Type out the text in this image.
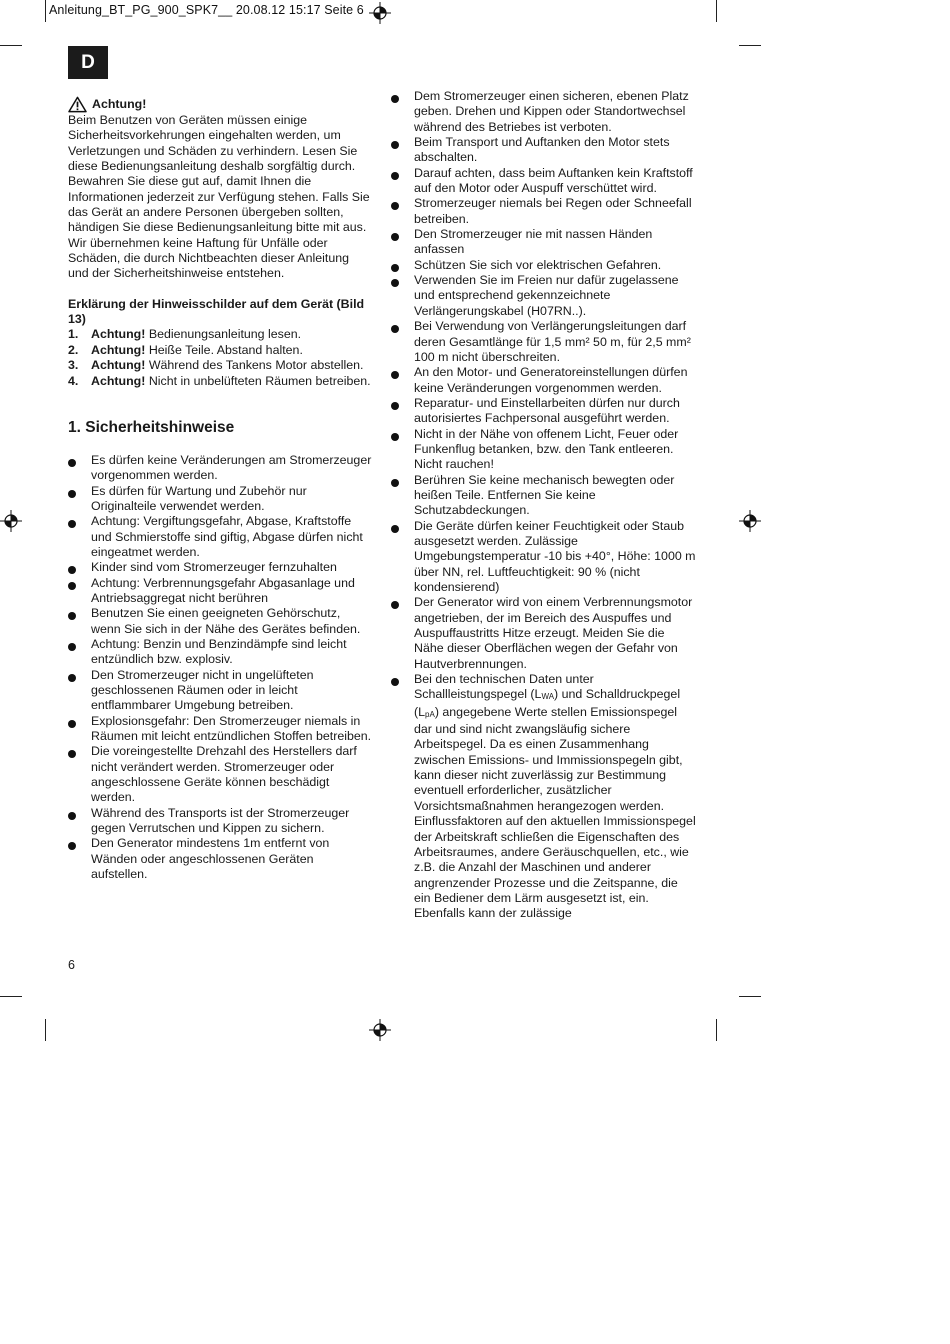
Anleitung_BT_PG_900_SPK7__ 20.08.12 15:17 Seite 6
D
Achtung!

Beim Benutzen von Geräten müssen einige Sicherheitsvorkehrungen eingehalten werden, um Verletzungen und Schäden zu verhindern. Lesen Sie diese Bedienungsanleitung deshalb sorgfältig durch. Bewahren Sie diese gut auf, damit Ihnen die Informationen jederzeit zur Verfügung stehen. Falls Sie das Gerät an andere Personen übergeben sollten, händigen Sie diese Bedienungsanleitung bitte mit aus. Wir übernehmen keine Haftung für Unfälle oder Schäden, die durch Nichtbeachten dieser Anleitung und der Sicherheitshinweise entstehen.

Erklärung der Hinweisschilder auf dem Gerät (Bild 13)

1.	Achtung! Bedienungsanleitung lesen.
2.	Achtung! Heiße Teile. Abstand halten.
3.	Achtung! Während des Tankens Motor abstellen.
4.	Achtung! Nicht in unbelüfteten Räumen betreiben.
1. Sicherheitshinweise
Es dürfen keine Veränderungen am Stromerzeuger vorgenommen werden.
Es dürfen für Wartung und Zubehör nur Originalteile verwendet werden.
Achtung: Vergiftungsgefahr, Abgase, Kraftstoffe und Schmierstoffe sind giftig, Abgase dürfen nicht eingeatmet werden.
Kinder sind vom Stromerzeuger fernzuhalten
Achtung: Verbrennungsgefahr Abgasanlage und Antriebsaggregat nicht berühren
Benutzen Sie einen geeigneten Gehörschutz, wenn Sie sich in der Nähe des Gerätes befinden.
Achtung: Benzin und Benzindämpfe sind leicht entzündlich bzw. explosiv.
Den Stromerzeuger nicht in ungelüfteten geschlossenen Räumen oder in leicht entflammbarer Umgebung betreiben.
Explosionsgefahr: Den Stromerzeuger niemals in Räumen mit leicht entzündlichen Stoffen betreiben.
Die voreingestellte Drehzahl des Herstellers darf nicht verändert werden. Stromerzeuger oder angeschlossene Geräte können beschädigt werden.
Während des Transports ist der Stromerzeuger gegen Verrutschen und Kippen zu sichern.
Den Generator mindestens 1m entfernt von Wänden oder angeschlossenen Geräten aufstellen.
Dem Stromerzeuger einen sicheren, ebenen Platz geben. Drehen und Kippen oder Standortwechsel während des Betriebes ist verboten.
Beim Transport und Auftanken den Motor stets abschalten.
Darauf achten, dass beim Auftanken kein Kraftstoff auf den Motor oder Auspuff verschüttet wird.
Stromerzeuger niemals bei Regen oder Schneefall betreiben.
Den Stromerzeuger nie mit nassen Händen anfassen
Schützen Sie sich vor elektrischen Gefahren.
Verwenden Sie im Freien nur dafür zugelassene und entsprechend gekennzeichnete Verlängerungskabel (H07RN..).
Bei Verwendung von Verlängerungsleitungen darf deren Gesamtlänge für 1,5 mm² 50 m, für 2,5 mm² 100 m nicht überschreiten.
An den Motor- und Generatoreinstellungen dürfen keine Veränderungen vorgenommen werden.
Reparatur- und Einstellarbeiten dürfen nur durch autorisiertes Fachpersonal ausgeführt werden.
Nicht in der Nähe von offenem Licht, Feuer oder Funkenflug betanken, bzw. den Tank entleeren. Nicht rauchen!
Berühren Sie keine mechanisch bewegten oder heißen Teile. Entfernen Sie keine Schutzabdeckungen.
Die Geräte dürfen keiner Feuchtigkeit oder Staub ausgesetzt werden. Zulässige Umgebungstemperatur -10 bis +40°, Höhe: 1000 m über NN, rel. Luftfeuchtigkeit: 90 % (nicht kondensierend)
Der Generator wird von einem Verbrennungsmotor angetrieben, der im Bereich des Auspuffes und Auspuffaustritts Hitze erzeugt. Meiden Sie die Nähe dieser Oberflächen wegen der Gefahr von Hautverbrennungen.
Bei den technischen Daten unter Schallleistungspegel $(L_{WA})$ und Schalldruckpegel $(L_{pA})$ angegebene Werte stellen Emissionspegel dar und sind nicht zwangsläufig sichere Arbeitspegel. Da es einen Zusammenhang zwischen Emissions- und Immissionspegeln gibt, kann dieser nicht zuverlässig zur Bestimmung eventuell erforderlicher, zusätzlicher Vorsichtsmaßnahmen herangezogen werden. Einflussfaktoren auf den aktuellen Immissionspegel der Arbeitskraft schließen die Eigenschaften des Arbeitsraumes, andere Geräuschquellen, etc., wie z.B. die Anzahl der Maschinen und anderer angrenzender Prozesse und die Zeitspanne, die ein Bediener dem Lärm ausgesetzt ist, ein. Ebenfalls kann der zulässige
6
